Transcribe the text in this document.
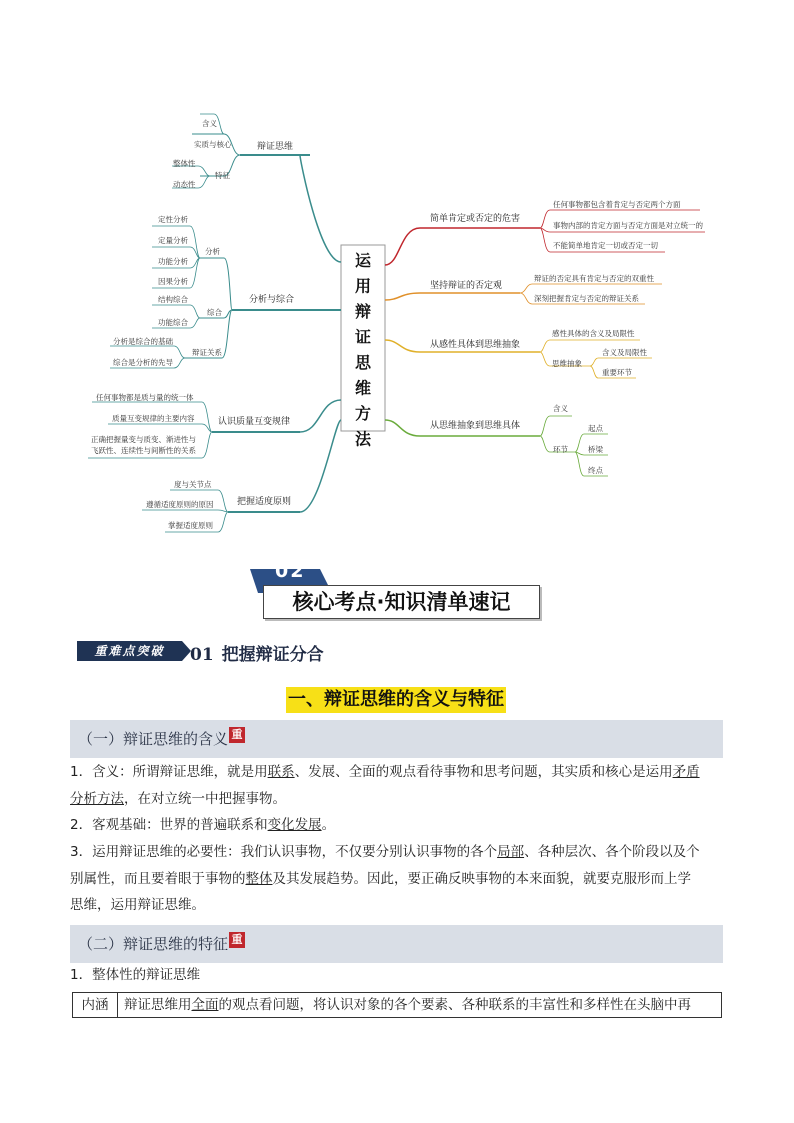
运用辩证思维方法
辩证思维
含义
实质与核心
特征
整体性
动态性
分析与综合
分析
定性分析
定量分析
功能分析
因果分析
综合
结构综合
功能综合
辩证关系
分析是综合的基础
综合是分析的先导
认识质量互变规律
任何事物都是质与量的统一体
质量互变规律的主要内容
正确把握量变与质变、渐进性与
飞跃性、连续性与间断性的关系
把握适度原则
度与关节点
遵循适度原则的原因
掌握适度原则
简单肯定或否定的危害
任何事物都包含着肯定与否定两个方面
事物内部的肯定方面与否定方面是对立统一的
不能简单地肯定一切或否定一切
坚持辩证的否定观
辩证的否定具有肯定与否定的双重性
深刻把握肯定与否定的辩证关系
从感性具体到思维抽象
感性具体的含义及局限性
思维抽象
含义及局限性
重要环节
从思维抽象到思维具体
含义
环节
起点
桥梁
终点
02
核心考点·知识清单速记
重难点突破	01 把握辩证分合
一、辩证思维的含义与特征
（一）辩证思维的含义 重
1．含义：所谓辩证思维，就是用联系、发展、全面的观点看待事物和思考问题，其实质和核心是运用矛盾
分析方法，在对立统一中把握事物。
2．客观基础：世界的普遍联系和变化发展。
3．运用辩证思维的必要性：我们认识事物，不仅要分别认识事物的各个局部、各种层次、各个阶段以及个
别属性，而且要着眼于事物的整体及其发展趋势。因此，要正确反映事物的本来面貌，就要克服形而上学
思维，运用辩证思维。
（二）辩证思维的特征 重
1．整体性的辩证思维
内涵	辩证思维用全面的观点看问题，将认识对象的各个要素、各种联系的丰富性和多样性在头脑中再
